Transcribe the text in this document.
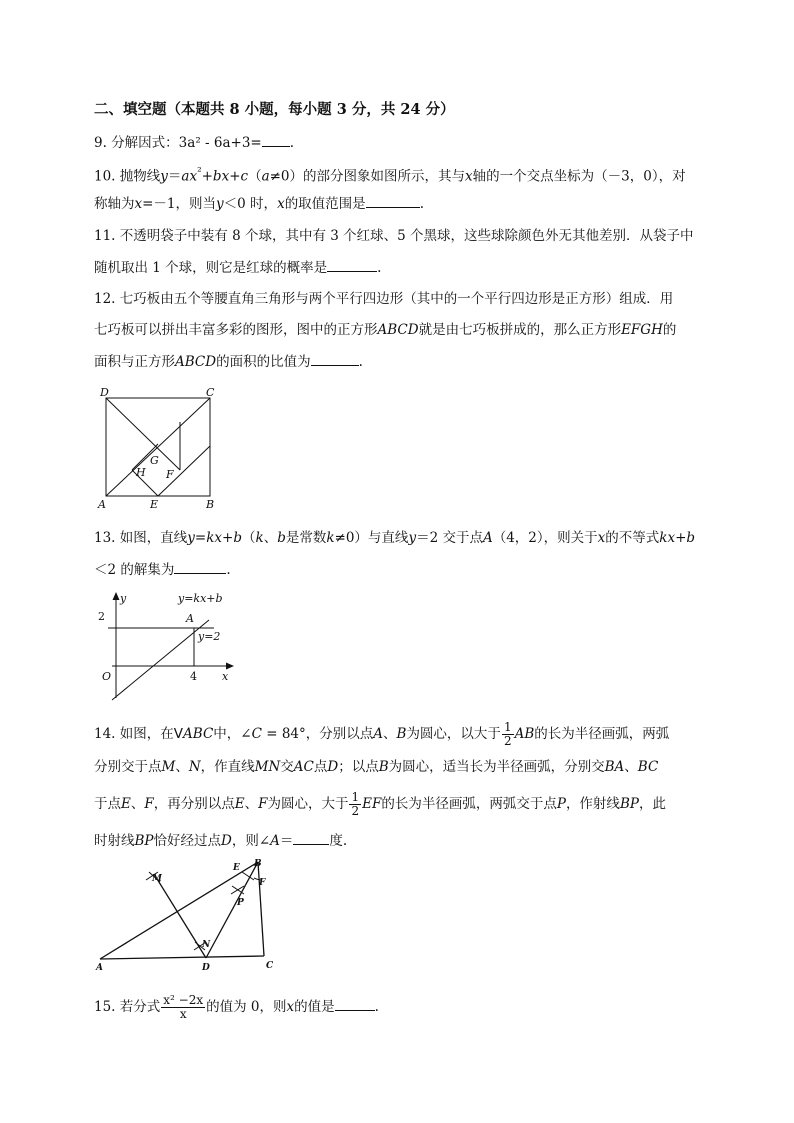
二、填空题（本题共 8 小题，每小题 3 分，共 24 分）
9. 分解因式：3a² - 6a+3= .
10. 抛物线$y=ax^{^2}+bx+c(a\ne 0)$的部分图象如图所示，其与x轴的一个交点坐标为（－3，0），对
称轴为x=－1，则当y＜0 时，x的取值范围是	.
11. 不透明袋子中装有 8 个球，其中有 3 个红球、5 个黑球，这些球除颜色外无其他差别．从袋子中
随机取出 1 个球，则它是红球的概率是	.
12. 七巧板由五个等腰直角三角形与两个平行四边形（其中的一个平行四边形是正方形）组成．用
七巧板可以拼出丰富多彩的图形，图中的正方形ABCD就是由七巧板拼成的，那么正方形EFGH的
面积与正方形ABCD的面积的比值为	.
D	C
A	B
E
F
G
H
13. 如图，直线y=kx+b（k、b是常数k≠0）与直线y＝2 交于点A（4，2），则关于x的不等式kx+b
＜2 的解集为	.
y
x
O
2
4
A
y=kx+b
y=2
14. 如图，在VABC中，∠C = 84°，分别以点A、B为圆心，以大于 $\frac{1}{2}$ AB的长为半径画弧，两弧
分别交于点M、N，作直线MN交AC点D；以点B为圆心，适当长为半径画弧，分别交BA、BC
于点E、F，再分别以点E、F为圆心，大于 $\frac{1}{2}$ EF的长为半径画弧，两弧交于点P，作射线BP，此
时射线BP恰好经过点D，则∠A＝	度.
M
N
A	D	C
B
E
F
P
15. 若分式 $\frac{\text{x² −2x}}{x}$ 的值为 0，则x的值是	.
